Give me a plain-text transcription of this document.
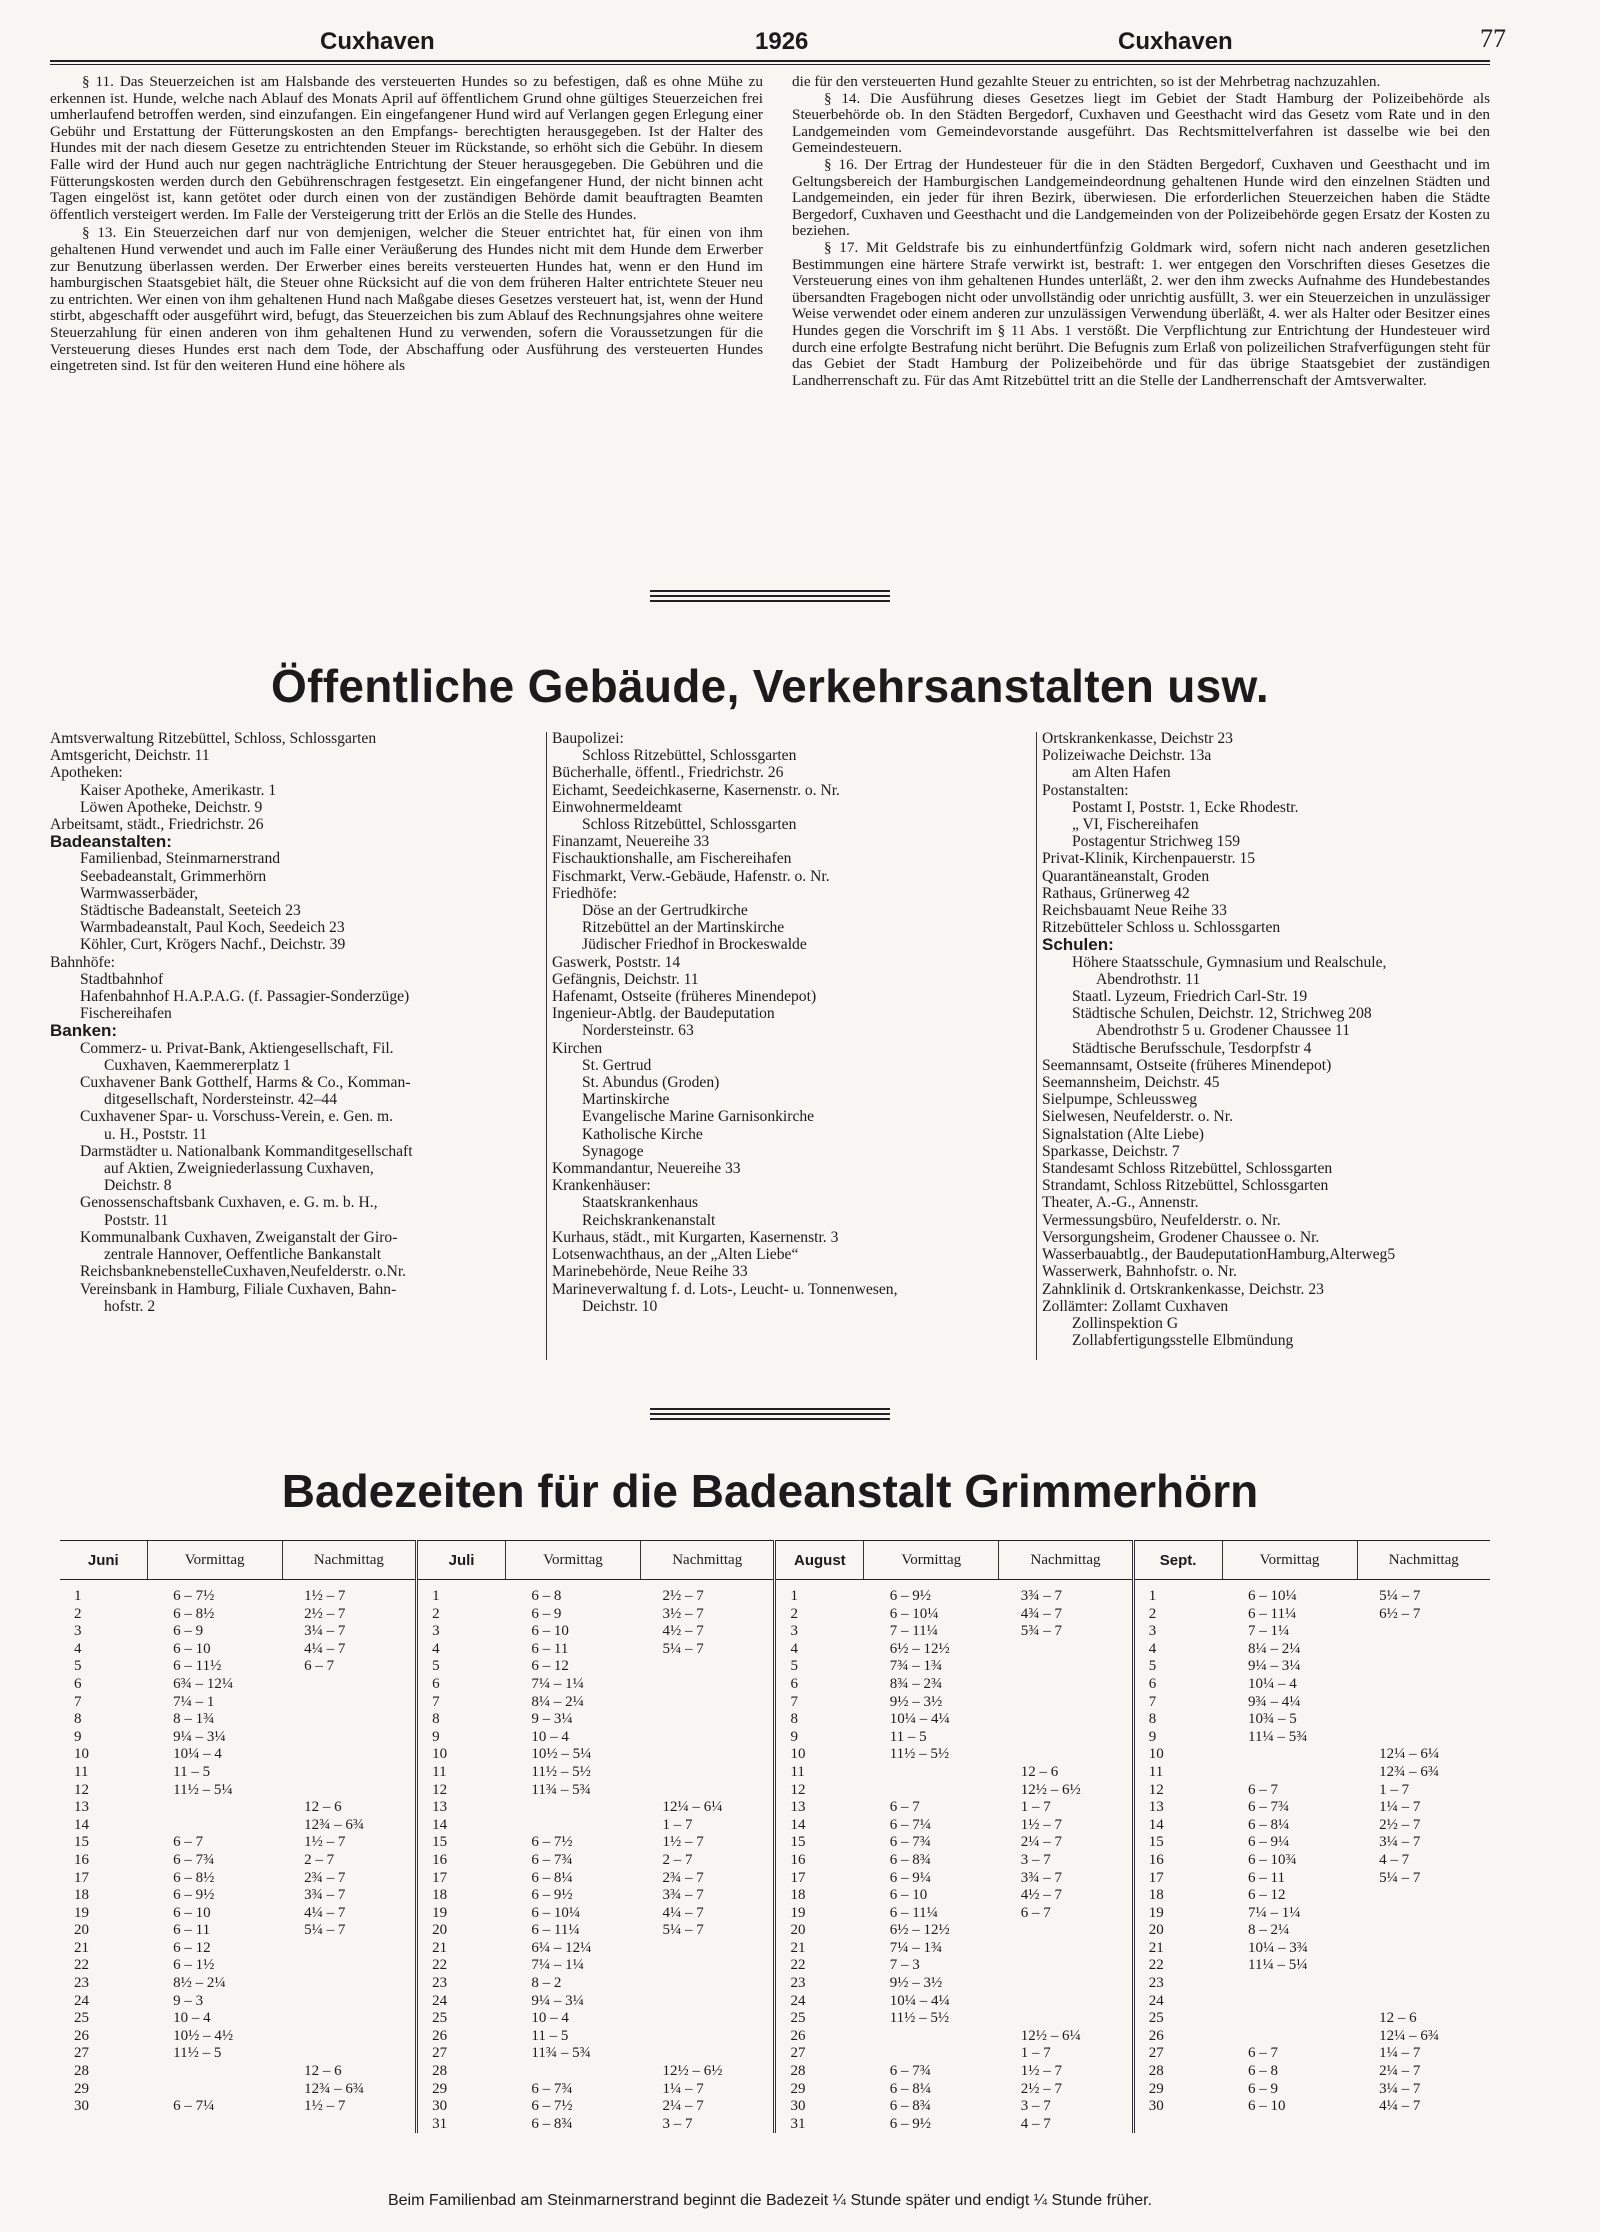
Cuxhaven	1926	Cuxhaven	77

§ 11. Das Steuerzeichen ist am Halsbande des versteuerten Hundes so zu befestigen, daß es ohne Mühe zu erkennen ist. Hunde, welche nach Ablauf des Monats April auf öffentlichem Grund ohne gültiges Steuerzeichen frei umherlaufend betroffen werden, sind einzufangen. Ein eingefangener Hund wird auf Verlangen gegen Erlegung einer Gebühr und Erstattung der Fütterungskosten an den Empfangs- berechtigten herausgegeben. Ist der Halter des Hundes mit der nach diesem Gesetze zu entrichtenden Steuer im Rückstande, so erhöht sich die Gebühr. In diesem Falle wird der Hund auch nur gegen nachträgliche Entrichtung der Steuer herausgegeben. Die Gebühren und die Fütterungskosten werden durch den Gebührenschragen festgesetzt. Ein eingefangener Hund, der nicht binnen acht Tagen eingelöst ist, kann getötet oder durch einen von der zuständigen Behörde damit beauftragten Beamten öffentlich versteigert werden. Im Falle der Versteigerung tritt der Erlös an die Stelle des Hundes.

§ 13. Ein Steuerzeichen darf nur von demjenigen, welcher die Steuer entrichtet hat, für einen von ihm gehaltenen Hund verwendet und auch im Falle einer Veräußerung des Hundes nicht mit dem Hunde dem Erwerber zur Benutzung überlassen werden. Der Erwerber eines bereits versteuerten Hundes hat, wenn er den Hund im hamburgischen Staatsgebiet hält, die Steuer ohne Rücksicht auf die von dem früheren Halter entrichtete Steuer neu zu entrichten. Wer einen von ihm gehaltenen Hund nach Maßgabe dieses Gesetzes versteuert hat, ist, wenn der Hund stirbt, abgeschafft oder ausgeführt wird, befugt, das Steuerzeichen bis zum Ablauf des Rechnungsjahres ohne weitere Steuerzahlung für einen anderen von ihm gehaltenen Hund zu verwenden, sofern die Voraussetzungen für die Versteuerung dieses Hundes erst nach dem Tode, der Abschaffung oder Ausführung des versteuerten Hundes eingetreten sind. Ist für den weiteren Hund eine höhere als

die für den versteuerten Hund gezahlte Steuer zu entrichten, so ist der Mehrbetrag nachzuzahlen.

§ 14. Die Ausführung dieses Gesetzes liegt im Gebiet der Stadt Hamburg der Polizeibehörde als Steuerbehörde ob. In den Städten Bergedorf, Cuxhaven und Geesthacht wird das Gesetz vom Rate und in den Landgemeinden vom Gemeindevorstande ausgeführt. Das Rechtsmittelverfahren ist dasselbe wie bei den Gemeindesteuern.

§ 16. Der Ertrag der Hundesteuer für die in den Städten Bergedorf, Cuxhaven und Geesthacht und im Geltungsbereich der Hamburgischen Landgemeindeordnung gehaltenen Hunde wird den einzelnen Städten und Landgemeinden, ein jeder für ihren Bezirk, überwiesen. Die erforderlichen Steuerzeichen haben die Städte Bergedorf, Cuxhaven und Geesthacht und die Landgemeinden von der Polizeibehörde gegen Ersatz der Kosten zu beziehen.

§ 17. Mit Geldstrafe bis zu einhundertfünfzig Goldmark wird, sofern nicht nach anderen gesetzlichen Bestimmungen eine härtere Strafe verwirkt ist, bestraft: 1. wer entgegen den Vorschriften dieses Gesetzes die Versteuerung eines von ihm gehaltenen Hundes unterläßt, 2. wer den ihm zwecks Aufnahme des Hundebestandes übersandten Fragebogen nicht oder unvollständig oder unrichtig ausfüllt, 3. wer ein Steuerzeichen in unzulässiger Weise verwendet oder einem anderen zur unzulässigen Verwendung überläßt, 4. wer als Halter oder Besitzer eines Hundes gegen die Vorschrift im § 11 Abs. 1 verstößt. Die Verpflichtung zur Entrichtung der Hundesteuer wird durch eine erfolgte Bestrafung nicht berührt. Die Befugnis zum Erlaß von polizeilichen Strafverfügungen steht für das Gebiet der Stadt Hamburg der Polizeibehörde und für das übrige Staatsgebiet der zuständigen Landherrenschaft zu. Für das Amt Ritzebüttel tritt an die Stelle der Landherrenschaft der Amtsverwalter.

Öffentliche Gebäude, Verkehrsanstalten usw.
Amtsverwaltung Ritzebüttel, Schloss, Schlossgarten
Amtsgericht, Deichstr. 11
Apotheken:
Kaiser Apotheke, Amerikastr. 1
Löwen Apotheke, Deichstr. 9
Arbeitsamt, städt., Friedrichstr. 26
Badeanstalten:
Familienbad, Steinmarnerstrand
Seebadeanstalt, Grimmerhörn
Warmwasserbäder,
Städtische Badeanstalt, Seeteich 23
Warmbadeanstalt, Paul Koch, Seedeich 23
Köhler, Curt, Krögers Nachf., Deichstr. 39
Bahnhöfe:
Stadtbahnhof
Hafenbahnhof H.A.P.A.G. (f. Passagier-Sonderzüge)
Fischereihafen
Banken:
Commerz- u. Privat-Bank, Aktiengesellschaft, Fil.
Cuxhaven, Kaemmererplatz 1
Cuxhavener Bank Gotthelf, Harms & Co., Komman-
ditgesellschaft, Nordersteinstr. 42–44
Cuxhavener Spar- u. Vorschuss-Verein, e. Gen. m.
u. H., Poststr. 11
Darmstädter u. Nationalbank Kommanditgesellschaft
auf Aktien, Zweigniederlassung Cuxhaven,
Deichstr. 8
Genossenschaftsbank Cuxhaven, e. G. m. b. H.,
Poststr. 11
Kommunalbank Cuxhaven, Zweiganstalt der Giro-
zentrale Hannover, Oeffentliche Bankanstalt
ReichsbanknebenstelleCuxhaven,Neufelderstr. o.Nr.
Vereinsbank in Hamburg, Filiale Cuxhaven, Bahn-
hofstr. 2
Baupolizei:
Schloss Ritzebüttel, Schlossgarten
Bücherhalle, öffentl., Friedrichstr. 26
Eichamt, Seedeichkaserne, Kasernenstr. o. Nr.
Einwohnermeldeamt
Schloss Ritzebüttel, Schlossgarten
Finanzamt, Neuereihe 33
Fischauktionshalle, am Fischereihafen
Fischmarkt, Verw.-Gebäude, Hafenstr. o. Nr.
Friedhöfe:
Döse an der Gertrudkirche
Ritzebüttel an der Martinskirche
Jüdischer Friedhof in Brockeswalde
Gaswerk, Poststr. 14
Gefängnis, Deichstr. 11
Hafenamt, Ostseite (früheres Minendepot)
Ingenieur-Abtlg. der Baudeputation
Nordersteinstr. 63
Kirchen
St. Gertrud
St. Abundus (Groden)
Martinskirche
Evangelische Marine Garnisonkirche
Katholische Kirche
Synagoge
Kommandantur, Neuereihe 33
Krankenhäuser:
Staatskrankenhaus
Reichskrankenanstalt
Kurhaus, städt., mit Kurgarten, Kasernenstr. 3
Lotsenwachthaus, an der „Alten Liebe“
Marinebehörde, Neue Reihe 33
Marineverwaltung f. d. Lots-, Leucht- u. Tonnenwesen,
Deichstr. 10
Ortskrankenkasse, Deichstr 23
Polizeiwache Deichstr. 13a
am Alten Hafen
Postanstalten:
Postamt I, Poststr. 1, Ecke Rhodestr.
„ VI, Fischereihafen
Postagentur Strichweg 159
Privat-Klinik, Kirchenpauerstr. 15
Quarantäneanstalt, Groden
Rathaus, Grünerweg 42
Reichsbauamt Neue Reihe 33
Ritzebütteler Schloss u. Schlossgarten
Schulen:
Höhere Staatsschule, Gymnasium und Realschule,
Abendrothstr. 11
Staatl. Lyzeum, Friedrich Carl-Str. 19
Städtische Schulen, Deichstr. 12, Strichweg 208
Abendrothstr 5 u. Grodener Chaussee 11
Städtische Berufsschule, Tesdorpfstr 4
Seemannsamt, Ostseite (früheres Minendepot)
Seemannsheim, Deichstr. 45
Sielpumpe, Schleussweg
Sielwesen, Neufelderstr. o. Nr.
Signalstation (Alte Liebe)
Sparkasse, Deichstr. 7
Standesamt Schloss Ritzebüttel, Schlossgarten
Strandamt, Schloss Ritzebüttel, Schlossgarten
Theater, A.-G., Annenstr.
Vermessungsbüro, Neufelderstr. o. Nr.
Versorgungsheim, Grodener Chaussee o. Nr.
Wasserbauabtlg., der BaudeputationHamburg,Alterweg5
Wasserwerk, Bahnhofstr. o. Nr.
Zahnklinik d. Ortskrankenkasse, Deichstr. 23
Zollämter: Zollamt Cuxhaven
Zollinspektion G
Zollabfertigungsstelle Elbmündung
Badezeiten für die Badeanstalt Grimmerhörn
Juni	Vormittag	Nachmittag	Juli	Vormittag	Nachmittag	August	Vormittag	Nachmittag	Sept.	Vormittag	Nachmittag
1	6 – 7½	1½ – 7	1	6 – 8	2½ – 7	1	6 – 9½	3¾ – 7	1	6 – 10¼	5¼ – 7
2	6 – 8½	2½ – 7	2	6 – 9	3½ – 7	2	6 – 10¼	4¾ – 7	2	6 – 11¼	6½ – 7
3	6 – 9	3¼ – 7	3	6 – 10	4½ – 7	3	7 – 11¼	5¾ – 7	3	7 – 1¼	
4	6 – 10	4¼ – 7	4	6 – 11	5¼ – 7	4	6½ – 12½		4	8¼ – 2¼	
5	6 – 11½	6 – 7	5	6 – 12		5	7¾ – 1¾		5	9¼ – 3¼	
6	6¾ – 12¼		6	7¼ – 1¼		6	8¾ – 2¾		6	10¼ – 4	
7	7¼ – 1		7	8¼ – 2¼		7	9½ – 3½		7	9¾ – 4¼	
8	8 – 1¾		8	9 – 3¼		8	10¼ – 4¼		8	10¾ – 5	
9	9¼ – 3¼		9	10 – 4		9	11 – 5		9	11¼ – 5¾	
10	10¼ – 4		10	10½ – 5¼		10	11½ – 5½		10		12¼ – 6¼
11	11 – 5		11	11½ – 5½		11		12 – 6	11		12¾ – 6¾
12	11½ – 5¼		12	11¾ – 5¾		12		12½ – 6½	12	6 – 7	1 – 7
13		12 – 6	13		12¼ – 6¼	13	6 – 7	1 – 7	13	6 – 7¾	1¼ – 7
14		12¾ – 6¾	14		1 – 7	14	6 – 7¼	1½ – 7	14	6 – 8¼	2½ – 7
15	6 – 7	1½ – 7	15	6 – 7½	1½ – 7	15	6 – 7¾	2¼ – 7	15	6 – 9¼	3¼ – 7
16	6 – 7¾	2 – 7	16	6 – 7¾	2 – 7	16	6 – 8¾	3 – 7	16	6 – 10¾	4 – 7
17	6 – 8½	2¾ – 7	17	6 – 8¼	2¾ – 7	17	6 – 9¼	3¾ – 7	17	6 – 11	5¼ – 7
18	6 – 9½	3¾ – 7	18	6 – 9½	3¾ – 7	18	6 – 10	4½ – 7	18	6 – 12	
19	6 – 10	4¼ – 7	19	6 – 10¼	4¼ – 7	19	6 – 11¼	6 – 7	19	7¼ – 1¼	
20	6 – 11	5¼ – 7	20	6 – 11¼	5¼ – 7	20	6½ – 12½		20	8 – 2¼	
21	6 – 12		21	6¼ – 12¼		21	7¼ – 1¾		21	10¼ – 3¾	
22	6 – 1½		22	7¼ – 1¼		22	7 – 3		22	11¼ – 5¼	
23	8½ – 2¼		23	8 – 2		23	9½ – 3½		23		
24	9 – 3		24	9¼ – 3¼		24	10¼ – 4¼		24		
25	10 – 4		25	10 – 4		25	11½ – 5½		25		12 – 6
26	10½ – 4½		26	11 – 5		26		12½ – 6¼	26		12¼ – 6¾
27	11½ – 5		27	11¾ – 5¾		27		1 – 7	27	6 – 7	1¼ – 7
28		12 – 6	28		12½ – 6½	28	6 – 7¾	1½ – 7	28	6 – 8	2¼ – 7
29		12¾ – 6¾	29	6 – 7¾	1¼ – 7	29	6 – 8¼	2½ – 7	29	6 – 9	3¼ – 7
30	6 – 7¼	1½ – 7	30	6 – 7½	2¼ – 7	30	6 – 8¾	3 – 7	30	6 – 10	4¼ – 7
			31	6 – 8¾	3 – 7	31	6 – 9½	4 – 7			
Beim Familienbad am Steinmarnerstrand beginnt die Badezeit ¼ Stunde später und endigt ¼ Stunde früher.
